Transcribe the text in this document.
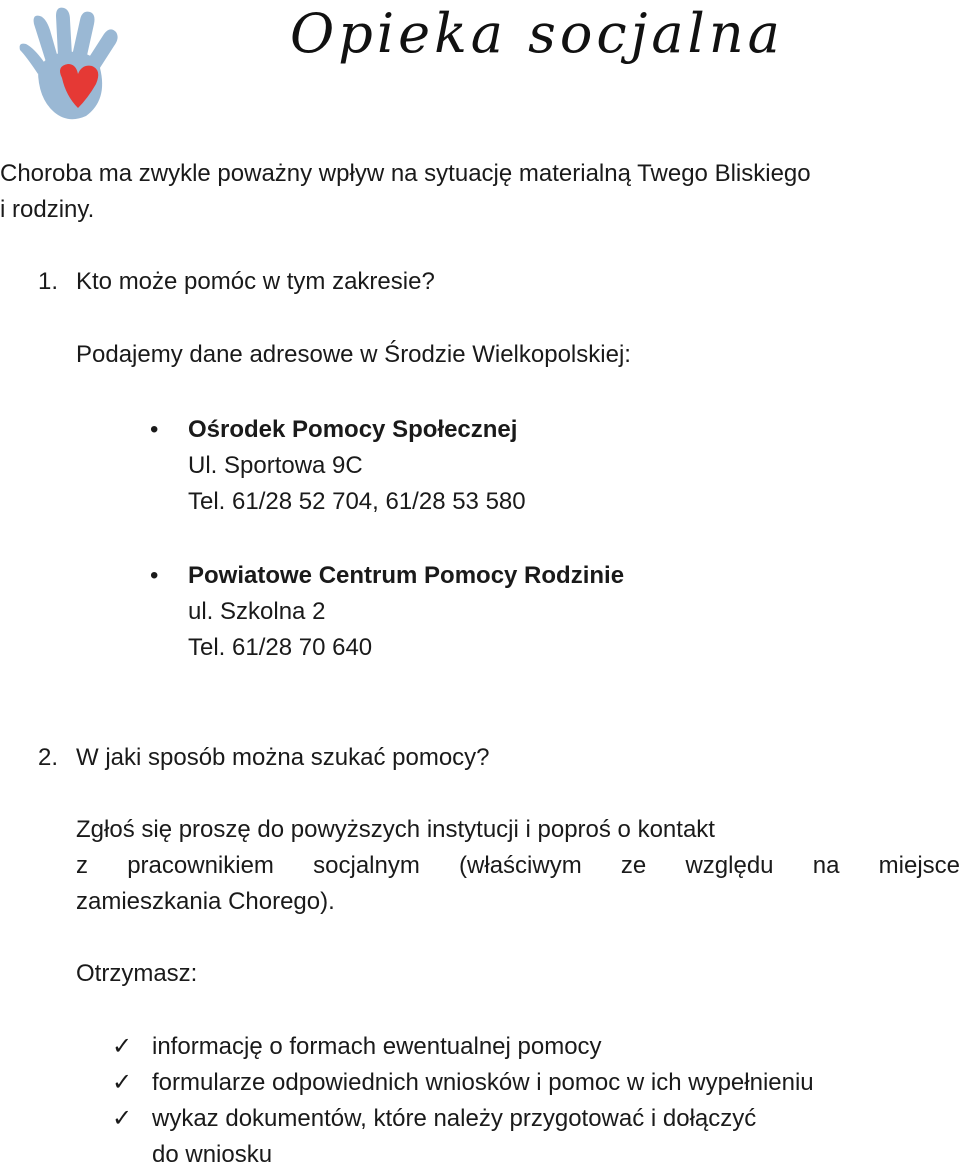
Opieka socjalna
Choroba ma zwykle poważny wpływ na sytuację materialną Twego Bliskiego
i rodziny.
1. Kto może pomóc w tym zakresie?
Podajemy dane adresowe w Środzie Wielkopolskiej:
•	Ośrodek Pomocy Społecznej
Ul. Sportowa 9C
Tel. 61/28 52 704, 61/28 53 580
•	Powiatowe Centrum Pomocy Rodzinie
ul. Szkolna 2
Tel. 61/28 70 640
2. W jaki sposób można szukać pomocy?
Zgłoś się proszę do powyższych instytucji i poproś o kontakt
z pracownikiem socjalnym (właściwym ze względu na miejsce
zamieszkania Chorego).
Otrzymasz:
✓ informację o formach ewentualnej pomocy
✓ formularze odpowiednich wniosków i pomoc w ich wypełnieniu
✓ wykaz dokumentów, które należy przygotować i dołączyć
do wniosku
